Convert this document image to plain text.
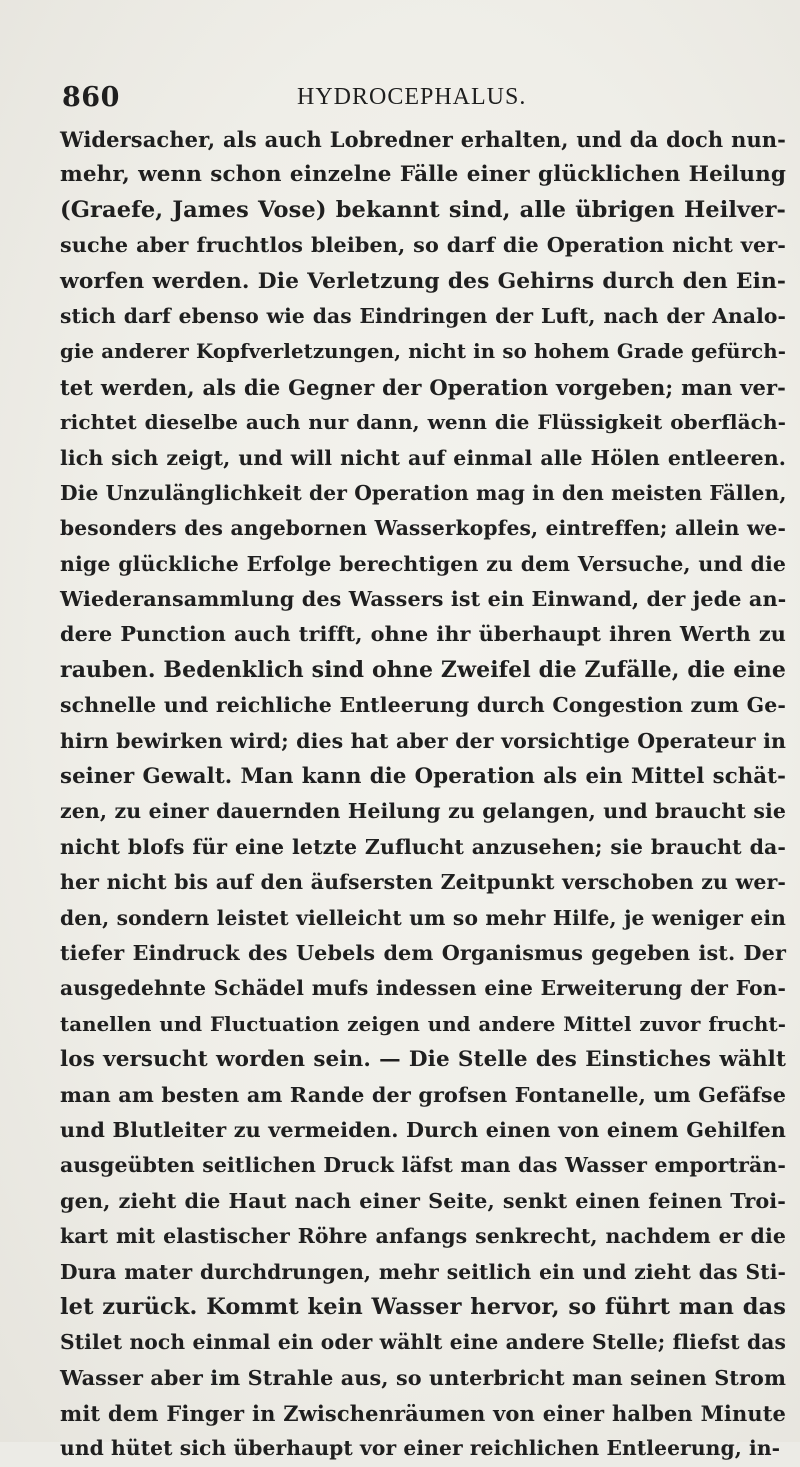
860	HYDROCEPHALUS.
Widersacher, als auch Lobredner erhalten, und da doch nun-
mehr, wenn schon einzelne Fälle einer glücklichen Heilung
(Graefe, James Vose) bekannt sind, alle übrigen Heilver-
suche aber fruchtlos bleiben, so darf die Operation nicht ver-
worfen werden. Die Verletzung des Gehirns durch den Ein-
stich darf ebenso wie das Eindringen der Luft, nach der Analo-
gie anderer Kopfverletzungen, nicht in so hohem Grade gefürch-
tet werden, als die Gegner der Operation vorgeben; man ver-
richtet dieselbe auch nur dann, wenn die Flüssigkeit oberfläch-
lich sich zeigt, und will nicht auf einmal alle Hölen entleeren.
Die Unzulänglichkeit der Operation mag in den meisten Fällen,
besonders des angebornen Wasserkopfes, eintreffen; allein we-
nige glückliche Erfolge berechtigen zu dem Versuche, und die
Wiederansammlung des Wassers ist ein Einwand, der jede an-
dere Punction auch trifft, ohne ihr überhaupt ihren Werth zu
rauben. Bedenklich sind ohne Zweifel die Zufälle, die eine
schnelle und reichliche Entleerung durch Congestion zum Ge-
hirn bewirken wird; dies hat aber der vorsichtige Operateur in
seiner Gewalt. Man kann die Operation als ein Mittel schät-
zen, zu einer dauernden Heilung zu gelangen, und braucht sie
nicht blofs für eine letzte Zuflucht anzusehen; sie braucht da-
her nicht bis auf den äufsersten Zeitpunkt verschoben zu wer-
den, sondern leistet vielleicht um so mehr Hilfe, je weniger ein
tiefer Eindruck des Uebels dem Organismus gegeben ist. Der
ausgedehnte Schädel mufs indessen eine Erweiterung der Fon-
tanellen und Fluctuation zeigen und andere Mittel zuvor frucht-
los versucht worden sein. — Die Stelle des Einstiches wählt
man am besten am Rande der grofsen Fontanelle, um Gefäfse
und Blutleiter zu vermeiden. Durch einen von einem Gehilfen
ausgeübten seitlichen Druck läfst man das Wasser emporträn-
gen, zieht die Haut nach einer Seite, senkt einen feinen Troi-
kart mit elastischer Röhre anfangs senkrecht, nachdem er die
Dura mater durchdrungen, mehr seitlich ein und zieht das Sti-
let zurück. Kommt kein Wasser hervor, so führt man das
Stilet noch einmal ein oder wählt eine andere Stelle; fliefst das
Wasser aber im Strahle aus, so unterbricht man seinen Strom
mit dem Finger in Zwischenräumen von einer halben Minute
und hütet sich überhaupt vor einer reichlichen Entleerung, in-
